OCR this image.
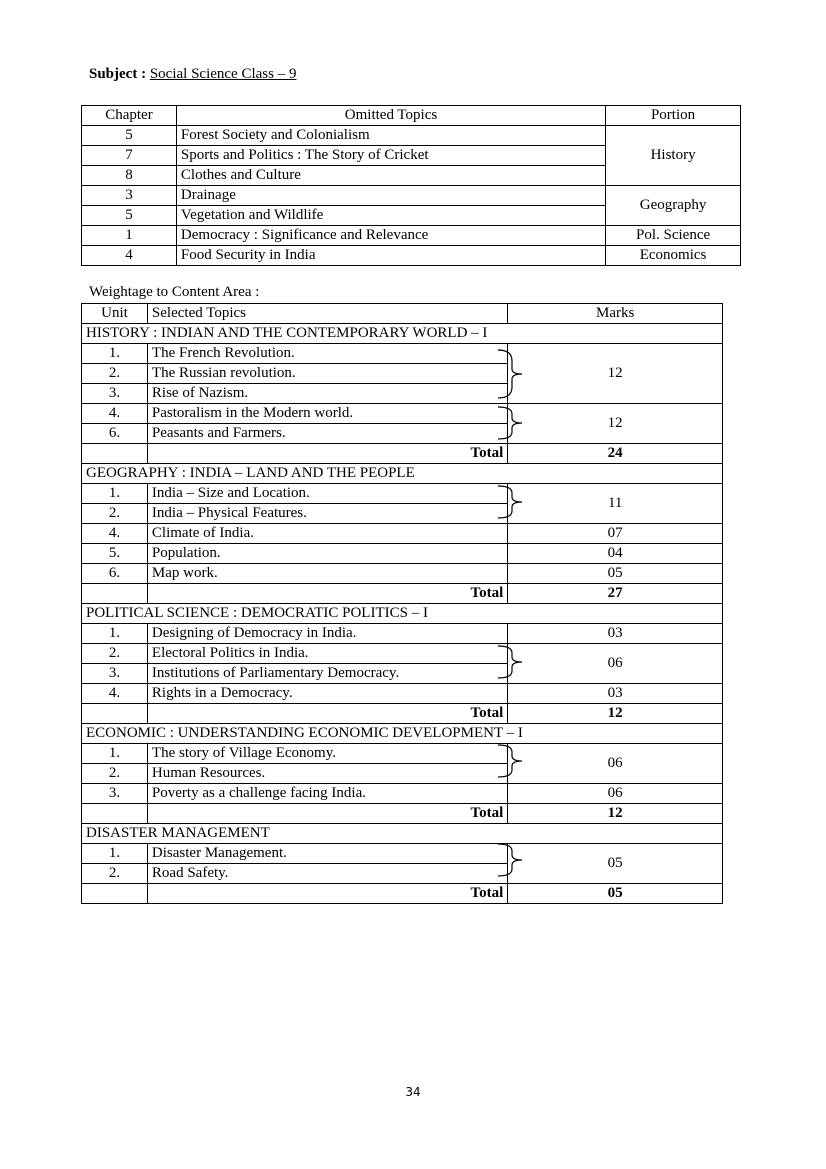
Subject : Social Science Class – 9
Chapter	Omitted Topics	Portion
5	Forest Society and Colonialism	History
7	Sports and Politics : The Story of Cricket	
8	Clothes and Culture	
3	Drainage	Geography
5	Vegetation and Wildlife	
1	Democracy : Significance and Relevance	Pol. Science
4	Food Security in India	Economics
Weightage to Content Area :
Unit	Selected Topics	Marks
HISTORY : INDIAN AND THE CONTEMPORARY WORLD – I		
1.	The French Revolution.	12
2.	The Russian revolution.	
3.	Rise of Nazism.	
4.	Pastoralism in the Modern world.	12
6.	Peasants and Farmers.	
	Total	24
GEOGRAPHY : INDIA – LAND AND THE PEOPLE		
1.	India – Size and Location.	11
2.	India – Physical Features.	
4.	Climate of India.	07
5.	Population.	04
6.	Map work.	05
	Total	27
POLITICAL SCIENCE : DEMOCRATIC POLITICS – I		
1.	Designing of Democracy in India.	03
2.	Electoral Politics in India.	06
3.	Institutions of Parliamentary Democracy.	
4.	Rights in a Democracy.	03
	Total	12
ECONOMIC : UNDERSTANDING ECONOMIC DEVELOPMENT – I		
1.	The story of Village Economy.	06
2.	Human Resources.	
3.	Poverty as a challenge facing India.	06
	Total	12
DISASTER MANAGEMENT		
1.	Disaster Management.	05
2.	Road Safety.	
	Total	05
34
